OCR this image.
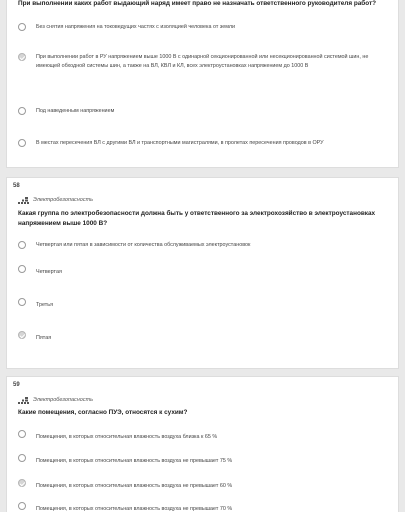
При выполнении каких работ выдающий наряд имеет право не назначать ответственного руководителя работ?
Без снятия напряжения на токоведущих частях с изоляцией человека от земли
При выполнении работ в РУ напряжением выше 1000 В с одинарной секционированной или несекционированной системой шин, не имеющей обходной системы шин, а также на ВЛ, КВЛ и КЛ, всех электроустановках напряжением до 1000 В
Под наведенным напряжением
В местах пересечения ВЛ с другими ВЛ и транспортными магистралями, в пролетах пересечения проводов в ОРУ
58
Электробезопасность
Какая группа по электробезопасности должна быть у ответственного за электрохозяйство в электроустановках напряжением выше 1000 В?
Четвертая или пятая в зависимости от количества обслуживаемых электроустановок
Четвертая
Третья
Пятая
59
Электробезопасность
Какие помещения, согласно ПУЭ, относятся к сухим?
Помещения, в которых относительная влажность воздуха близка к 65 %
Помещения, в которых относительная влажность воздуха не превышает 75 %
Помещения, в которых относительная влажность воздуха не превышает 60 %
Помещения, в которых относительная влажность воздуха не превышает 70 %
